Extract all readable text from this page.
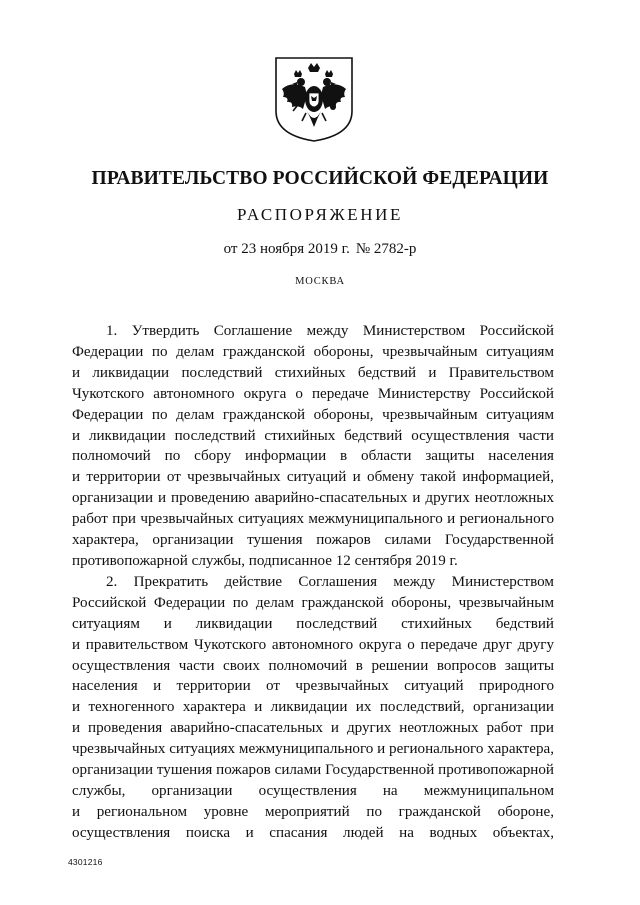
ПРАВИТЕЛЬСТВО РОССИЙСКОЙ ФЕДЕРАЦИИ
РАСПОРЯЖЕНИЕ
от 23 ноября 2019 г. № 2782-р
МОСКВА

1. Утвердить Соглашение между Министерством Российской

Федерации по делам гражданской обороны, чрезвычайным ситуациям

и ликвидации последствий стихийных бедствий и Правительством

Чукотского автономного округа о передаче Министерству Российской

Федерации по делам гражданской обороны, чрезвычайным ситуациям

и ликвидации последствий стихийных бедствий осуществления части

полномочий по сбору информации в области защиты населения

и территории от чрезвычайных ситуаций и обмену такой информацией,

организации и проведению аварийно-спасательных и других неотложных

работ при чрезвычайных ситуациях межмуниципального и регионального

характера, организации тушения пожаров силами Государственной

противопожарной службы, подписанное 12 сентября 2019 г.

2. Прекратить действие Соглашения между Министерством

Российской Федерации по делам гражданской обороны, чрезвычайным

ситуациям и ликвидации последствий стихийных бедствий

и правительством Чукотского автономного округа о передаче друг другу

осуществления части своих полномочий в решении вопросов защиты

населения и территории от чрезвычайных ситуаций природного

и техногенного характера и ликвидации их последствий, организации

и проведения аварийно-спасательных и других неотложных работ при

чрезвычайных ситуациях межмуниципального и регионального характера,

организации тушения пожаров силами Государственной противопожарной

службы, организации осуществления на межмуниципальном

и региональном уровне мероприятий по гражданской обороне,

осуществления поиска и спасания людей на водных объектах,

4301216
